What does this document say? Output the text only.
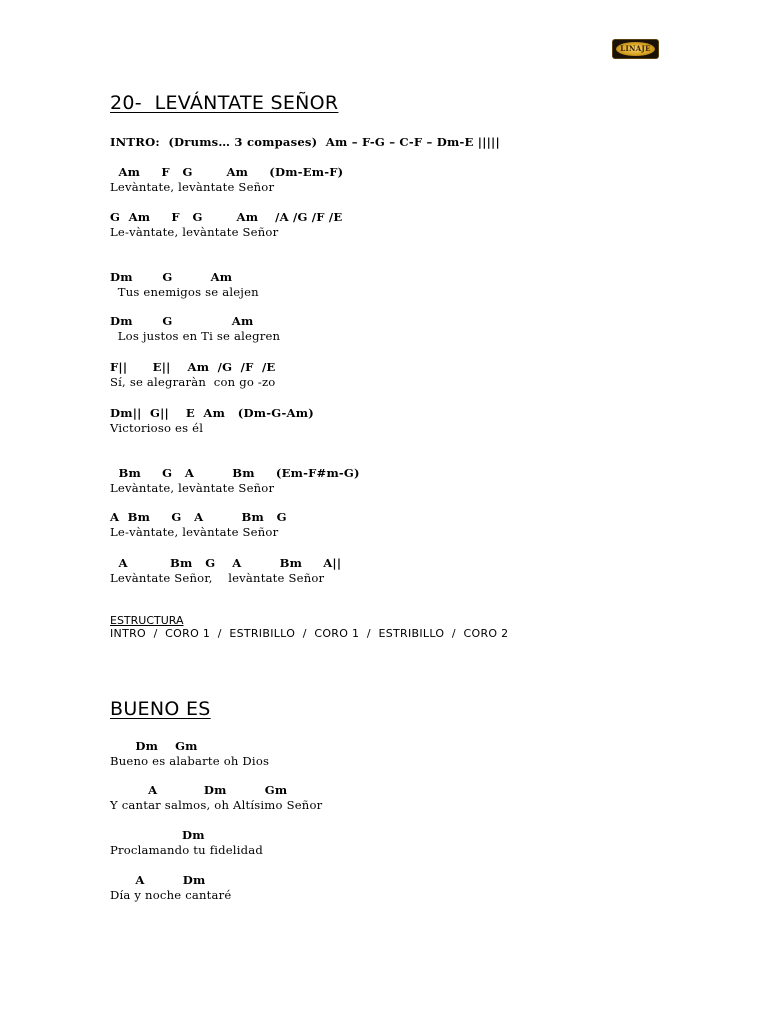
LINAJE
20-  LEVÁNTATE SEÑOR
INTRO:  (Drums… 3 compases)  Am – F-G – C-F – Dm-E |||||
Am     F   G        Am     (Dm-Em-F)
Levàntate, levàntate Señor
G  Am     F   G        Am    /A /G /F /E
Le-vàntate, levàntate Señor
Dm       G         Am
Tus enemigos se alejen
Dm       G              Am
Los justos en Ti se alegren
F||      E||    Am  /G  /F  /E
Sí, se alegraràn  con go -zo
Dm||  G||    E  Am   (Dm-G-Am)
Victorioso es él
Bm     G   A         Bm     (Em-F#m-G)
Levàntate, levàntate Señor
A  Bm     G   A         Bm   G
Le-vàntate, levàntate Señor
A          Bm   G    A         Bm     A||
Levàntate Señor,    levàntate Señor
ESTRUCTURA
INTRO  /  CORO 1  /  ESTRIBILLO  /  CORO 1  /  ESTRIBILLO  /  CORO 2
BUENO ES
Dm    Gm
Bueno es alabarte oh Dios
A           Dm         Gm
Y cantar salmos, oh Altísimo Señor
Dm
Proclamando tu fidelidad
A         Dm
Día y noche cantaré
